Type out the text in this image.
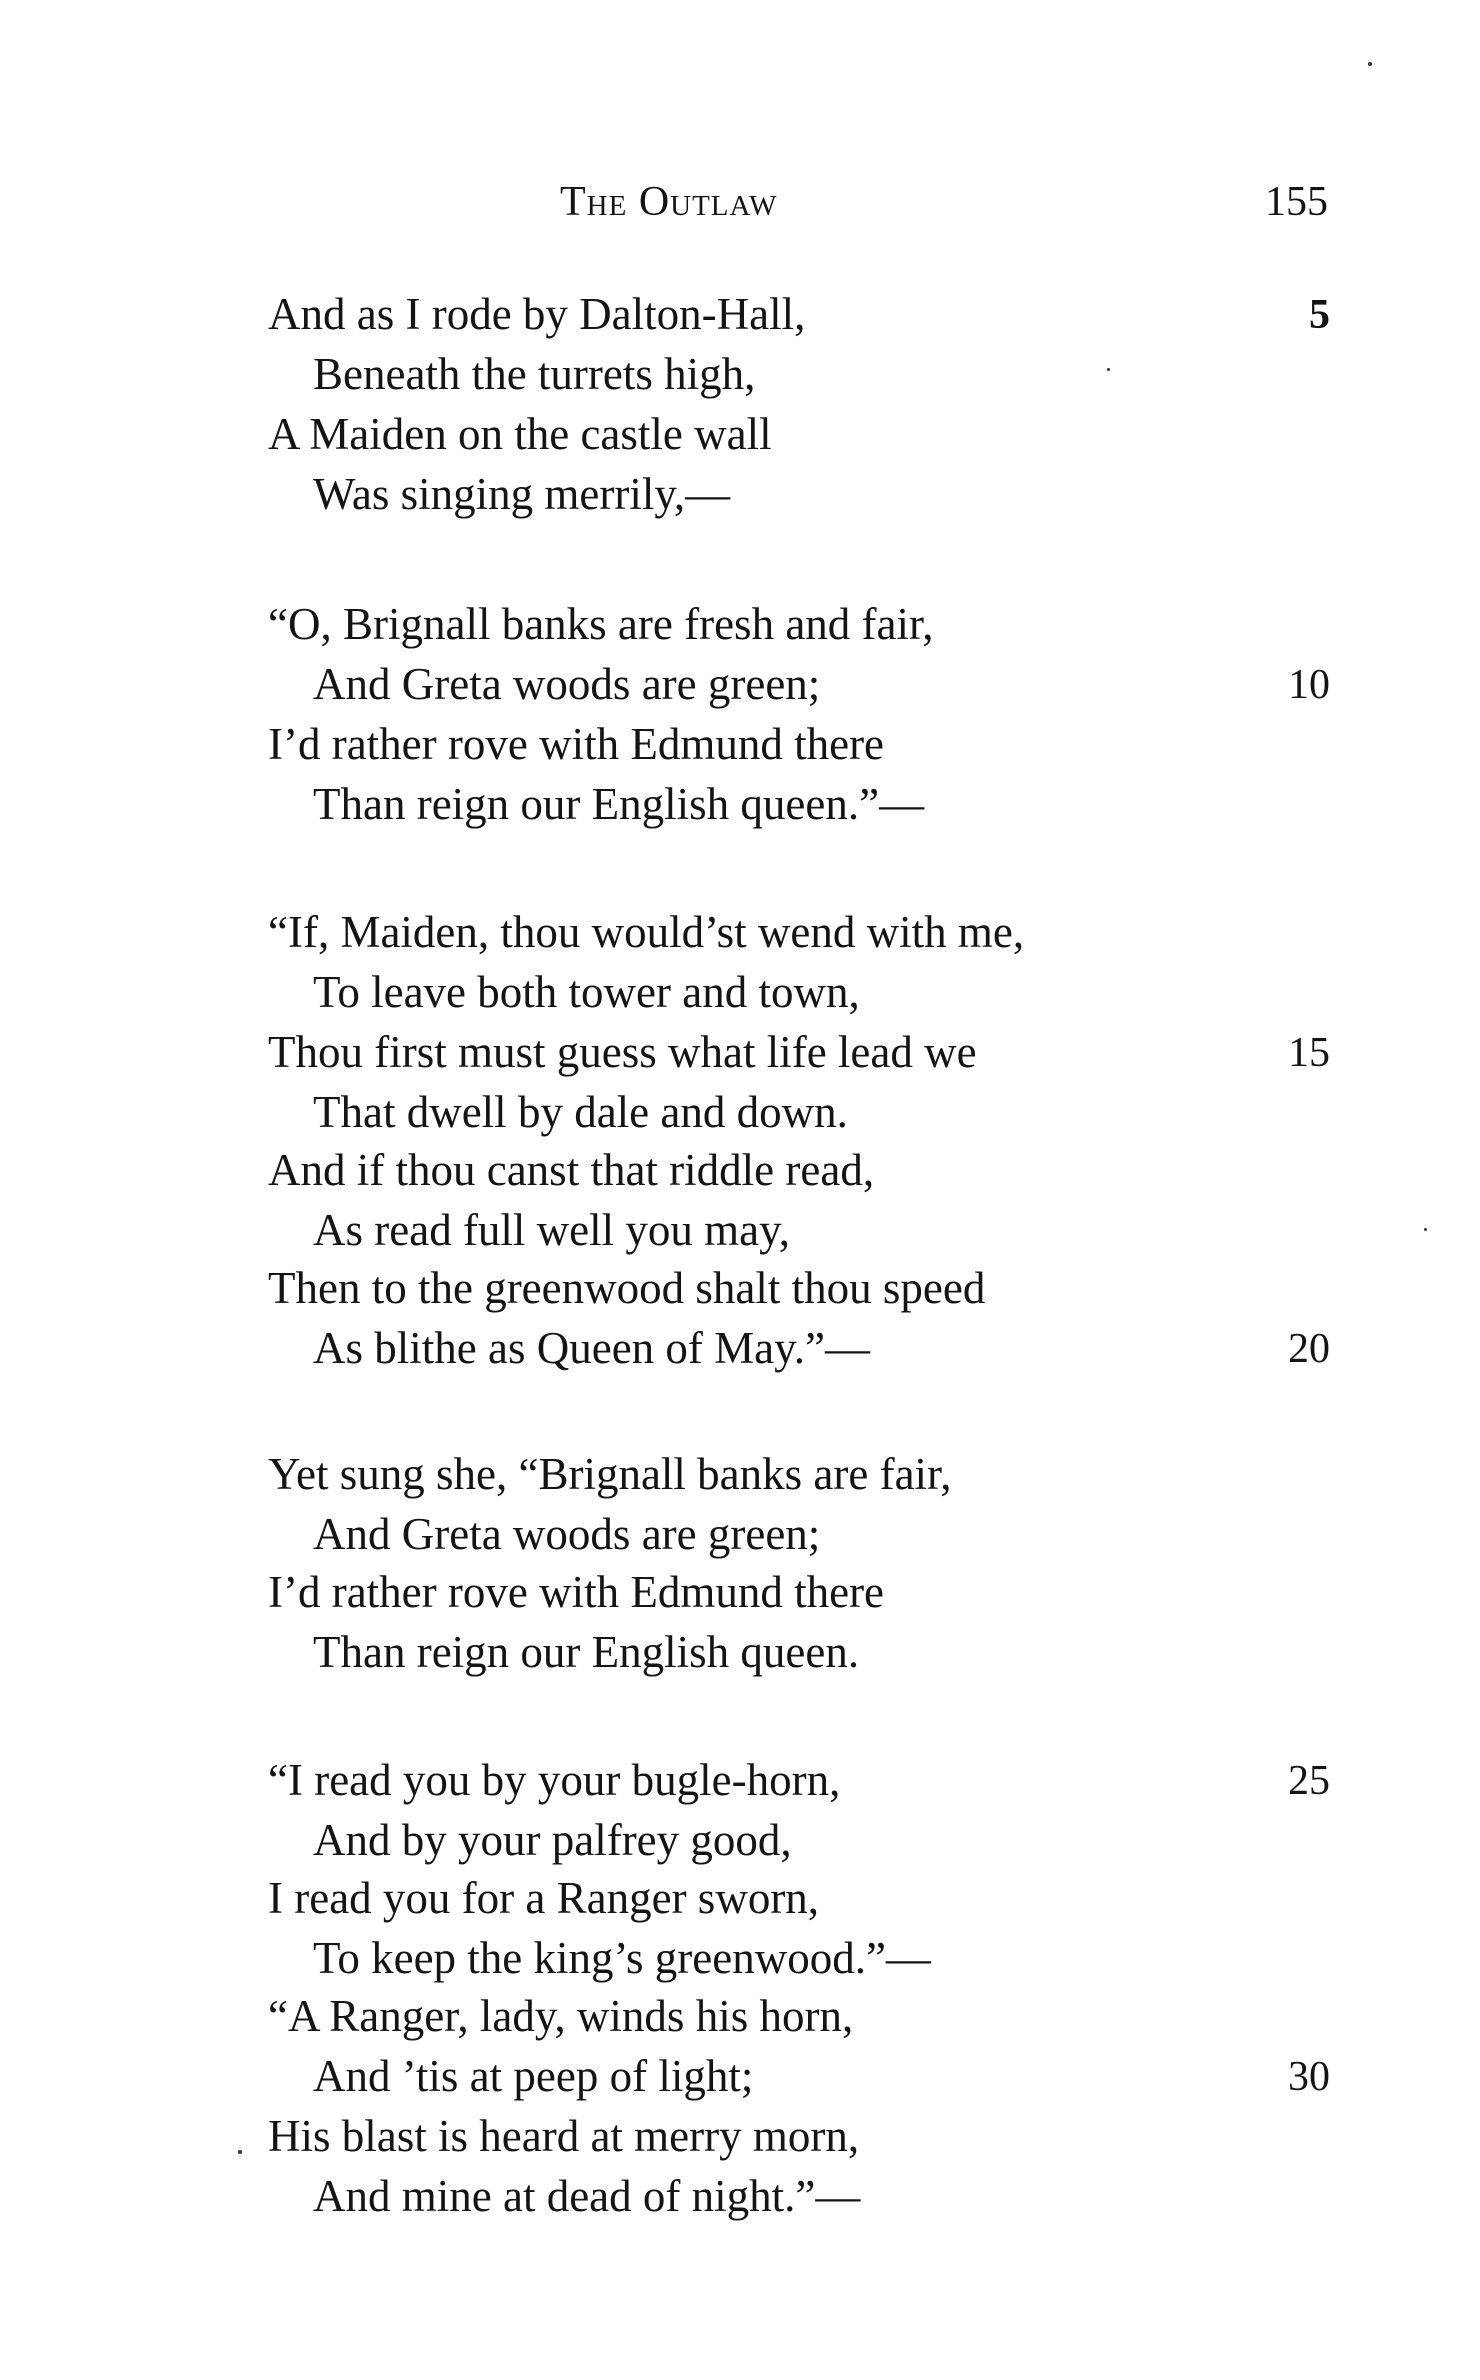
The Outlaw	155
And as I rode by Dalton-Hall,
Beneath the turrets high,
A Maiden on the castle wall
Was singing merrily,—
“O, Brignall banks are fresh and fair,
And Greta woods are green;
I’d rather rove with Edmund there
Than reign our English queen.”—
“If, Maiden, thou would’st wend with me,
To leave both tower and town,
Thou first must guess what life lead we
That dwell by dale and down.
And if thou canst that riddle read,
As read full well you may,
Then to the greenwood shalt thou speed
As blithe as Queen of May.”—
Yet sung she, “Brignall banks are fair,
And Greta woods are green;
I’d rather rove with Edmund there
Than reign our English queen.
“I read you by your bugle-horn,
And by your palfrey good,
I read you for a Ranger sworn,
To keep the king’s greenwood.”—
“A Ranger, lady, winds his horn,
And ’tis at peep of light;
His blast is heard at merry morn,
And mine at dead of night.”—
5
10
15
20
25
30
